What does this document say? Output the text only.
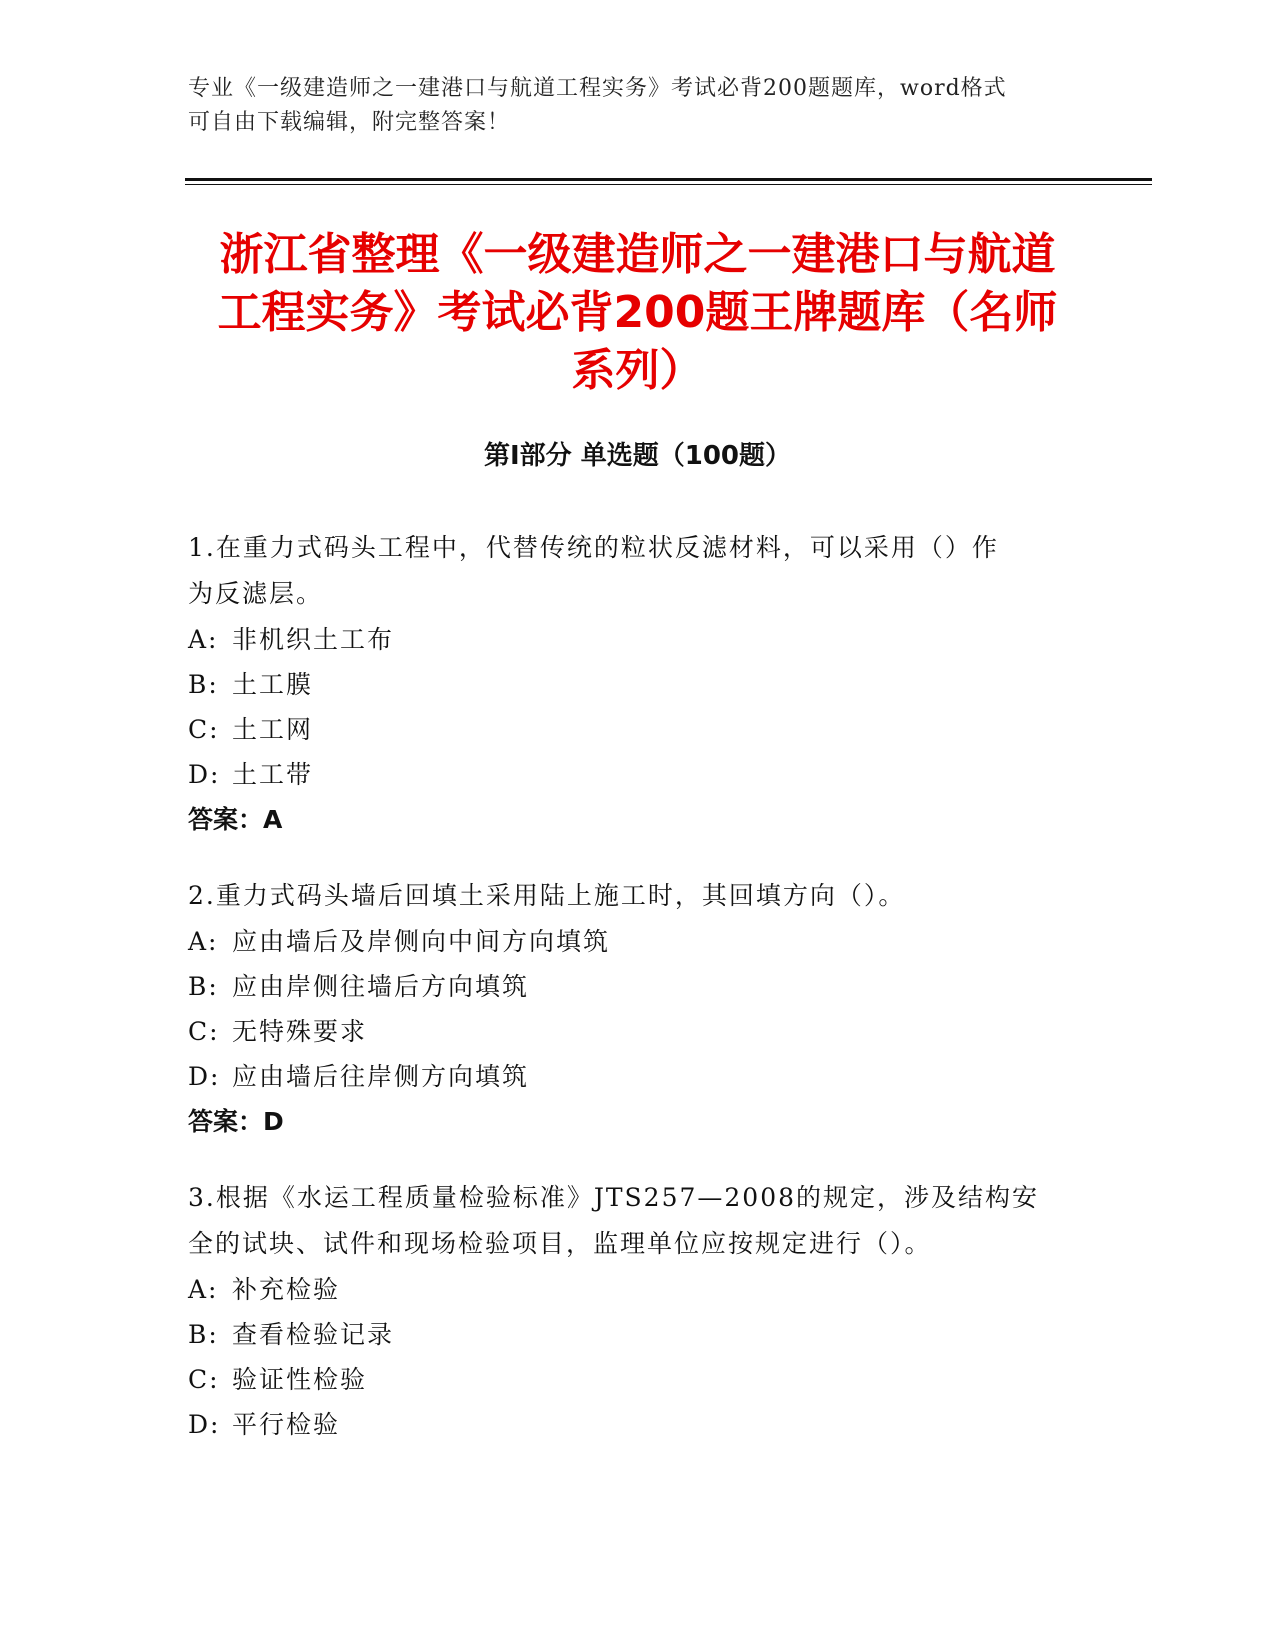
专业《一级建造师之一建港口与航道工程实务》考试必背200题题库，word格式
可自由下载编辑，附完整答案！
浙江省整理《一级建造师之一建港口与航道
工程实务》考试必背200题王牌题库（名师
系列）
第Ⅰ部分 单选题（100题）
1.在重力式码头工程中，代替传统的粒状反滤材料，可以采用（）作
为反滤层。
A: 非机织土工布
B: 土工膜
C: 土工网
D: 土工带
答案：A
2.重力式码头墙后回填土采用陆上施工时，其回填方向（）。
A: 应由墙后及岸侧向中间方向填筑
B: 应由岸侧往墙后方向填筑
C: 无特殊要求
D: 应由墙后往岸侧方向填筑
答案：D
3.根据《水运工程质量检验标准》JTS257—2008的规定，涉及结构安
全的试块、试件和现场检验项目，监理单位应按规定进行（）。
A: 补充检验
B: 查看检验记录
C: 验证性检验
D: 平行检验
